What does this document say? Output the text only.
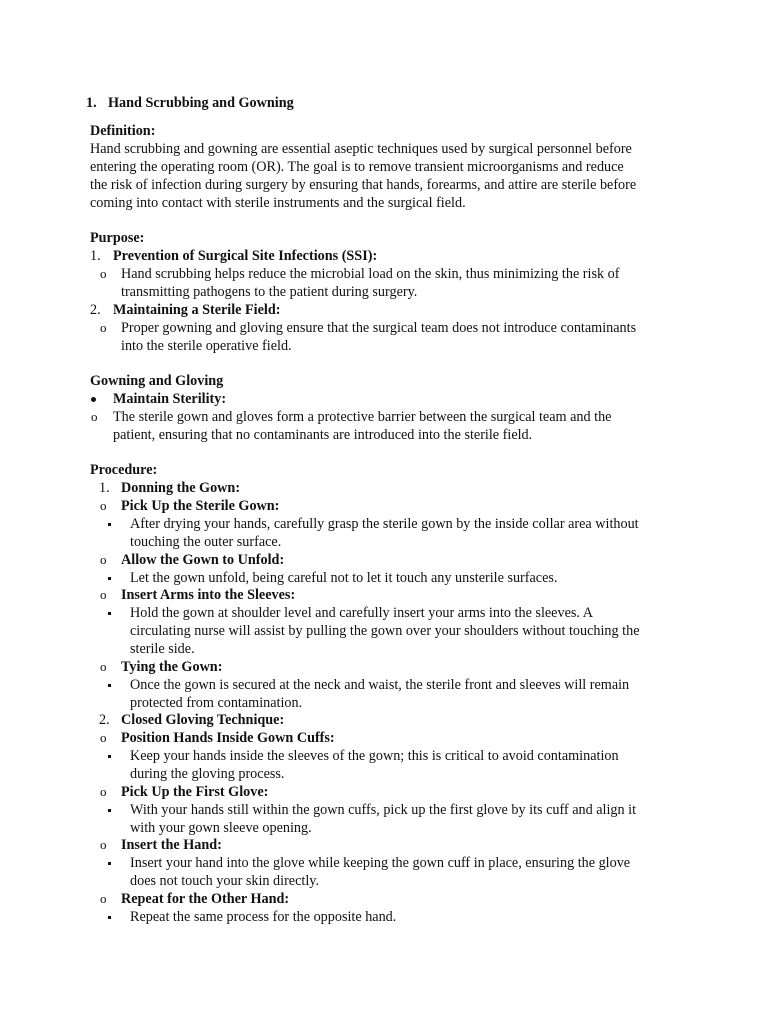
1. Hand Scrubbing and Gowning
Definition:
Hand scrubbing and gowning are essential aseptic techniques used by surgical personnel before
entering the operating room (OR). The goal is to remove transient microorganisms and reduce
the risk of infection during surgery by ensuring that hands, forearms, and attire are sterile before
coming into contact with sterile instruments and the surgical field.
Purpose:
1. Prevention of Surgical Site Infections (SSI):
o Hand scrubbing helps reduce the microbial load on the skin, thus minimizing the risk of
transmitting pathogens to the patient during surgery.
2. Maintaining a Sterile Field:
o Proper gowning and gloving ensure that the surgical team does not introduce contaminants
into the sterile operative field.
Gowning and Gloving
Maintain Sterility:
o The sterile gown and gloves form a protective barrier between the surgical team and the
patient, ensuring that no contaminants are introduced into the sterile field.
Procedure:
1. Donning the Gown:
o Pick Up the Sterile Gown:
After drying your hands, carefully grasp the sterile gown by the inside collar area without
touching the outer surface.
o Allow the Gown to Unfold:
Let the gown unfold, being careful not to let it touch any unsterile surfaces.
o Insert Arms into the Sleeves:
Hold the gown at shoulder level and carefully insert your arms into the sleeves. A
circulating nurse will assist by pulling the gown over your shoulders without touching the
sterile side.
o Tying the Gown:
Once the gown is secured at the neck and waist, the sterile front and sleeves will remain
protected from contamination.
2. Closed Gloving Technique:
o Position Hands Inside Gown Cuffs:
Keep your hands inside the sleeves of the gown; this is critical to avoid contamination
during the gloving process.
o Pick Up the First Glove:
With your hands still within the gown cuffs, pick up the first glove by its cuff and align it
with your gown sleeve opening.
o Insert the Hand:
Insert your hand into the glove while keeping the gown cuff in place, ensuring the glove
does not touch your skin directly.
o Repeat for the Other Hand:
Repeat the same process for the opposite hand.
